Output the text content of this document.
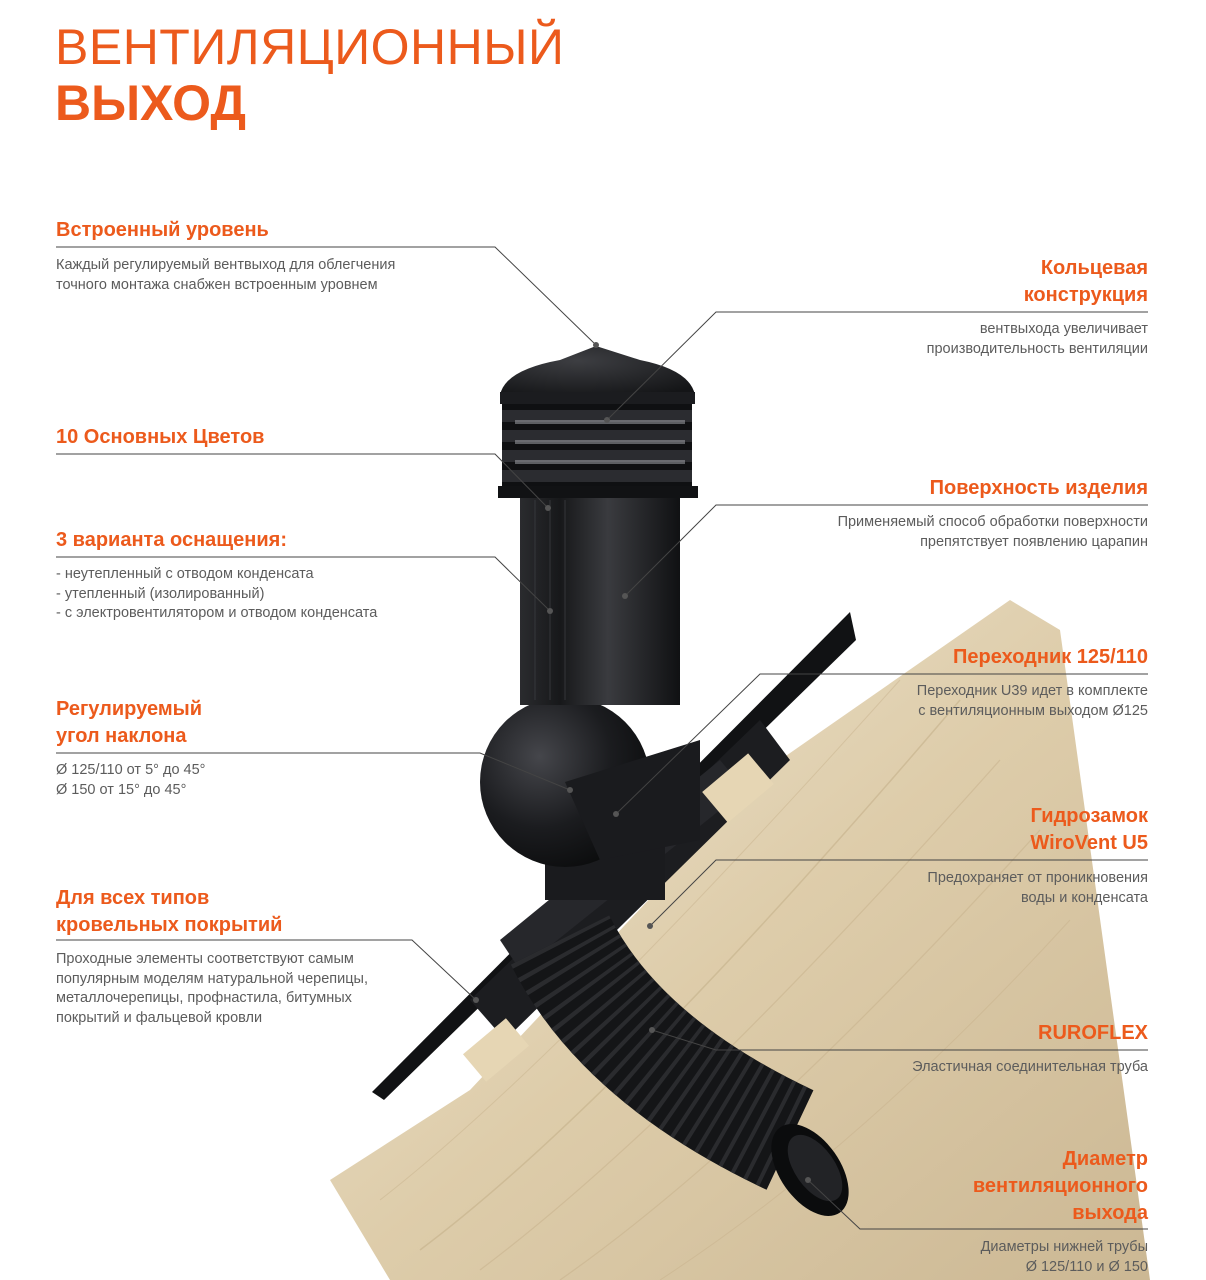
ВЕНТИЛЯЦИОННЫЙ
ВЫХОД
Встроенный уровень
Каждый регулируемый вентвыход для облегчения
точного монтажа снабжен встроенным уровнем
10 Основных Цветов
3 варианта оснащения:
- неутепленный с отводом конденсата
- утепленный (изолированный)
- с электровентилятором и отводом конденсата
Регулируемый
угол наклона
Ø 125/110 от 5° до 45°
Ø 150 от 15° до 45°
Для всех типов
кровельных покрытий
Проходные элементы соответствуют самым
популярным моделям натуральной черепицы,
металлочерепицы, профнастила, битумных
покрытий и фальцевой кровли
Кольцевая
конструкция
вентвыхода увеличивает
производительность вентиляции
Поверхность изделия
Применяемый способ обработки поверхности
препятствует появлению царапин
Переходник 125/110
Переходник U39 идет в комплекте
с вентиляционным выходом Ø125
Гидрозамок
WiroVent U5
Предохраняет от проникновения
воды и конденсата
RUROFLEX
Эластичная соединительная труба
Диаметр
вентиляционного
выхода
Диаметры нижней трубы
Ø 125/110 и Ø 150
